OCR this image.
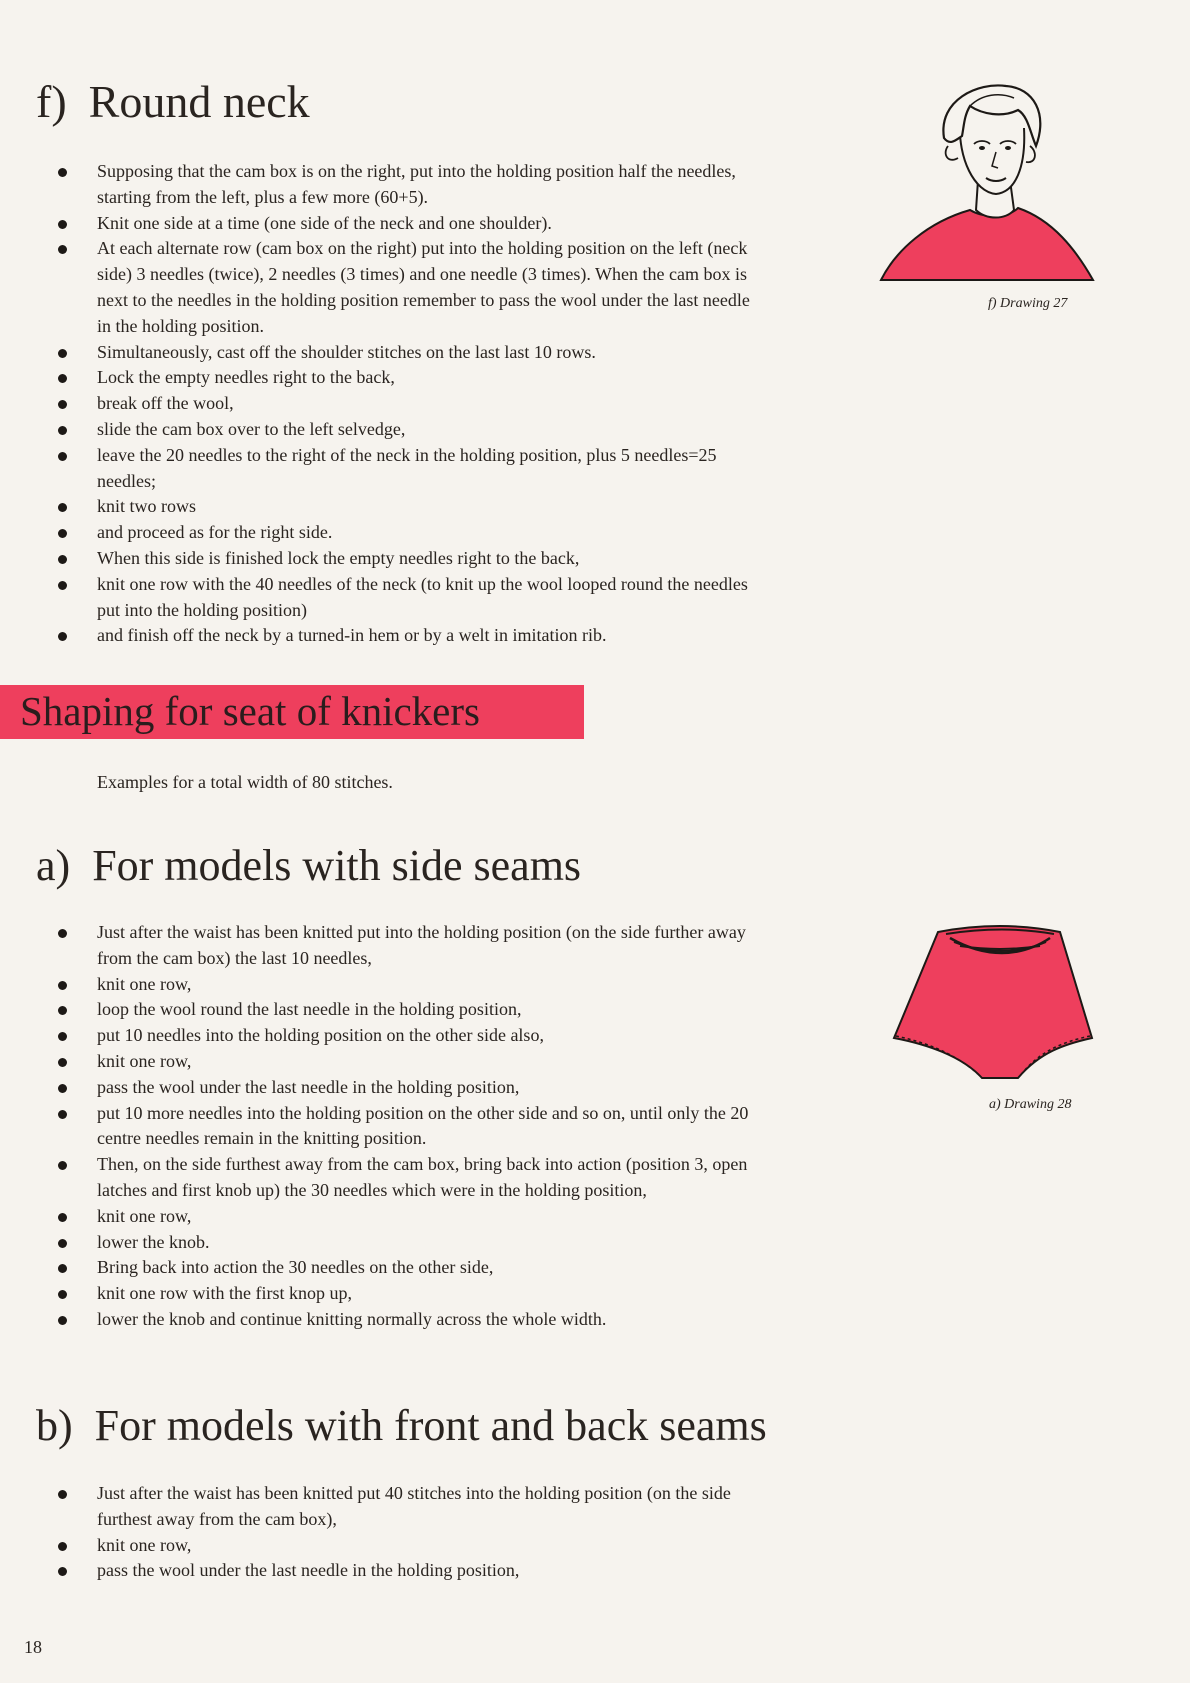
f) Round neck
Supposing that the cam box is on the right, put into the holding position half the needles, starting from the left, plus a few more (60+5).
Knit one side at a time (one side of the neck and one shoulder).
At each alternate row (cam box on the right) put into the holding position on the left (neck side) 3 needles (twice), 2 needles (3 times) and one needle (3 times). When the cam box is next to the needles in the holding position remember to pass the wool under the last needle in the holding position.
Simultaneously, cast off the shoulder stitches on the last last 10 rows.
Lock the empty needles right to the back,
break off the wool,
slide the cam box over to the left selvedge,
leave the 20 needles to the right of the neck in the holding position, plus 5 needles=25 needles;
knit two rows
and proceed as for the right side.
When this side is finished lock the empty needles right to the back,
knit one row with the 40 needles of the neck (to knit up the wool looped round the needles put into the holding position)
and finish off the neck by a turned-in hem or by a welt in imitation rib.
f) Drawing 27
Shaping for seat of knickers
Examples for a total width of 80 stitches.
a) For models with side seams
Just after the waist has been knitted put into the holding position (on the side further away from the cam box) the last 10 needles,
knit one row,
loop the wool round the last needle in the holding position,
put 10 needles into the holding position on the other side also,
knit one row,
pass the wool under the last needle in the holding position,
put 10 more needles into the holding position on the other side and so on, until only the 20 centre needles remain in the knitting position.
Then, on the side furthest away from the cam box, bring back into action (position 3, open latches and first knob up) the 30 needles which were in the holding position,
knit one row,
lower the knob.
Bring back into action the 30 needles on the other side,
knit one row with the first knop up,
lower the knob and continue knitting normally across the whole width.
a) Drawing 28
b) For models with front and back seams
Just after the waist has been knitted put 40 stitches into the holding position (on the side furthest away from the cam box),
knit one row,
pass the wool under the last needle in the holding position,
18
